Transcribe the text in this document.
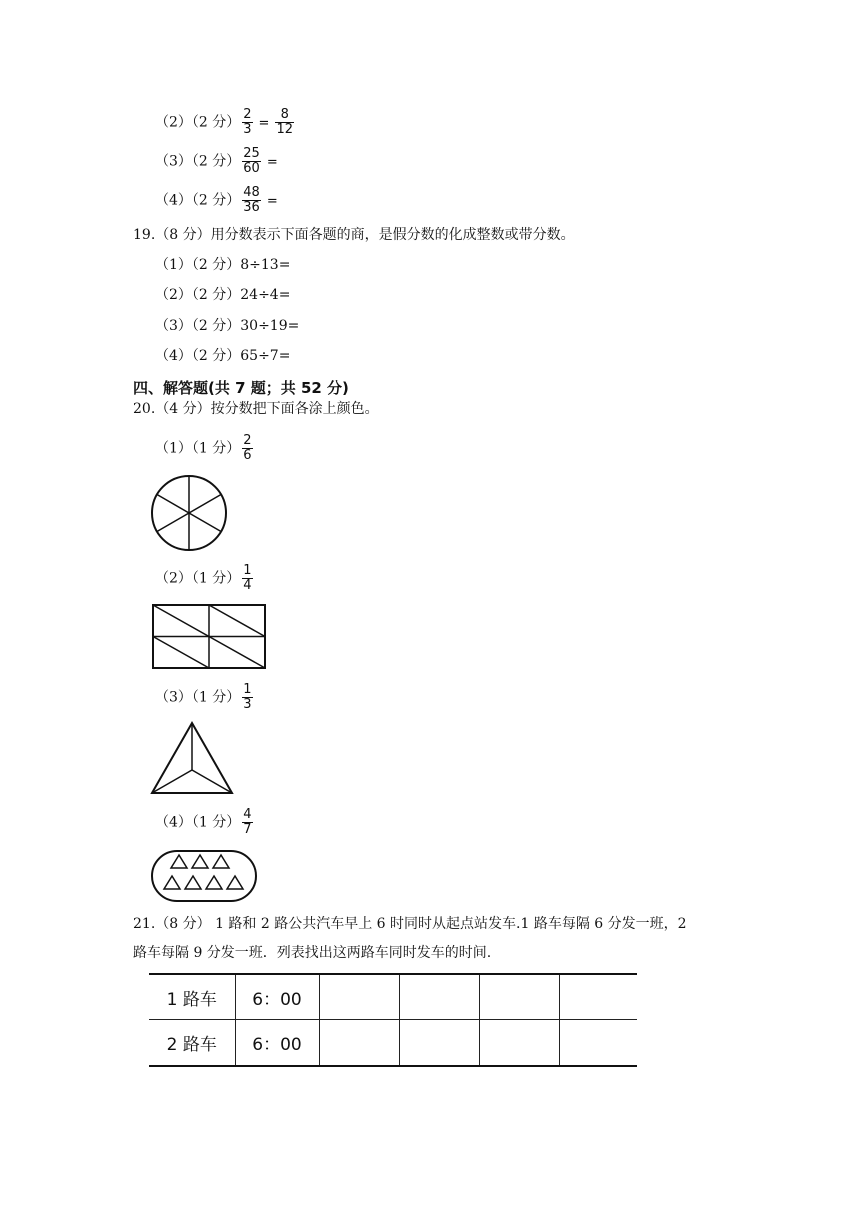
（2）（2 分） $\frac{2}{3} = \frac{8}{12}$
（3）（2 分） $\frac{25}{60}$ =
（4）（2 分） $\frac{48}{36}$ =
19.（8 分）用分数表示下面各题的商，是假分数的化成整数或带分数。
（1）（2 分）8÷13=
（2）（2 分）24÷4=
（3）（2 分）30÷19=
（4）（2 分）65÷7=
四、解答题(共 7 题；共 52 分)
20.（4 分）按分数把下面各涂上颜色。
（1）（1 分） $\frac{2}{6}$
（2）（1 分） $\frac{1}{4}$
（3）（1 分） $\frac{1}{3}$
（4）（1 分） $\frac{4}{7}$
21.（8 分） 1 路和 2 路公共汽车早上 6 时同时从起点站发车.1 路车每隔 6 分发一班，2
路车每隔 9 分发一班．列表找出这两路车同时发车的时间.
1 路车	6：00				
2 路车	6：00				
